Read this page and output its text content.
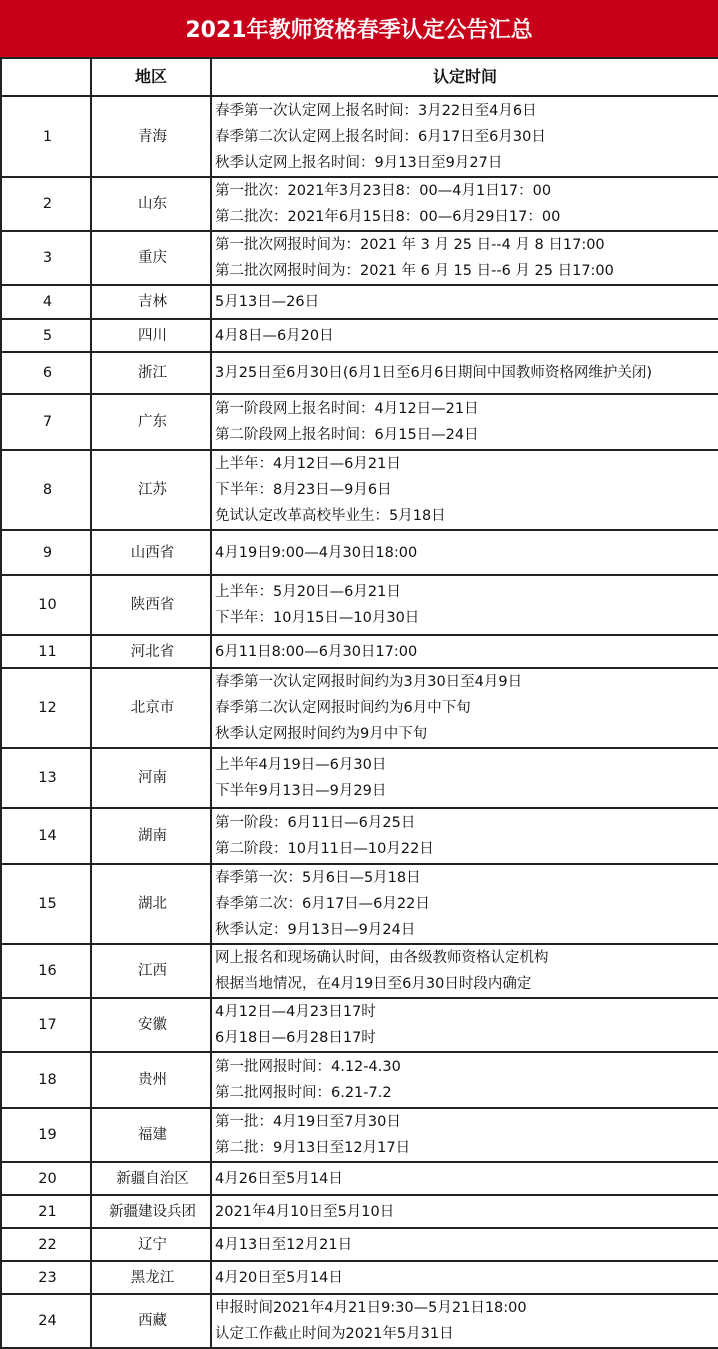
2021年教师资格春季认定公告汇总
	地区	认定时间
1	青海	春季第一次认定网上报名时间：3月22日至4月6日
春季第二次认定网上报名时间：6月17日至6月30日
秋季认定网上报名时间：9月13日至9月27日

2	山东	第一批次：2021年3月23日8：00—4月1日17：00
第二批次：2021年6月15日8：00—6月29日17：00

3	重庆	第一批次网报时间为：2021 年 3 月 25 日--4 月 8 日17:00
第二批次网报时间为：2021 年 6 月 15 日--6 月 25 日17:00

4	吉林	5月13日—26日

5	四川	4月8日—6月20日

6	浙江	3月25日至6月30日(6月1日至6月6日期间中国教师资格网维护关闭)

7	广东	第一阶段网上报名时间：4月12日—21日
第二阶段网上报名时间：6月15日—24日

8	江苏	上半年：4月12日—6月21日
下半年：8月23日—9月6日
免试认定改革高校毕业生：5月18日

9	山西省	4月19日9:00—4月30日18:00

10	陕西省	上半年：5月20日—6月21日
下半年：10月15日—10月30日

11	河北省	6月11日8:00—6月30日17:00

12	北京市	春季第一次认定网报时间约为3月30日至4月9日
春季第二次认定网报时间约为6月中下旬
秋季认定网报时间约为9月中下旬

13	河南	上半年4月19日—6月30日
下半年9月13日—9月29日

14	湖南	第一阶段：6月11日—6月25日
第二阶段：10月11日—10月22日

15	湖北	春季第一次：5月6日—5月18日
春季第二次：6月17日—6月22日
秋季认定：9月13日—9月24日

16	江西	网上报名和现场确认时间，由各级教师资格认定机构
根据当地情况，在4月19日至6月30日时段内确定

17	安徽	4月12日—4月23日17时
6月18日—6月28日17时

18	贵州	第一批网报时间：4.12-4.30
第二批网报时间：6.21-7.2

19	福建	第一批：4月19日至7月30日
第二批：9月13日至12月17日

20	新疆自治区	4月26日至5月14日

21	新疆建设兵团	2021年4月10日至5月10日

22	辽宁	4月13日至12月21日

23	黑龙江	4月20日至5月14日

24	西藏	申报时间2021年4月21日9:30—5月21日18:00
认定工作截止时间为2021年5月31日
